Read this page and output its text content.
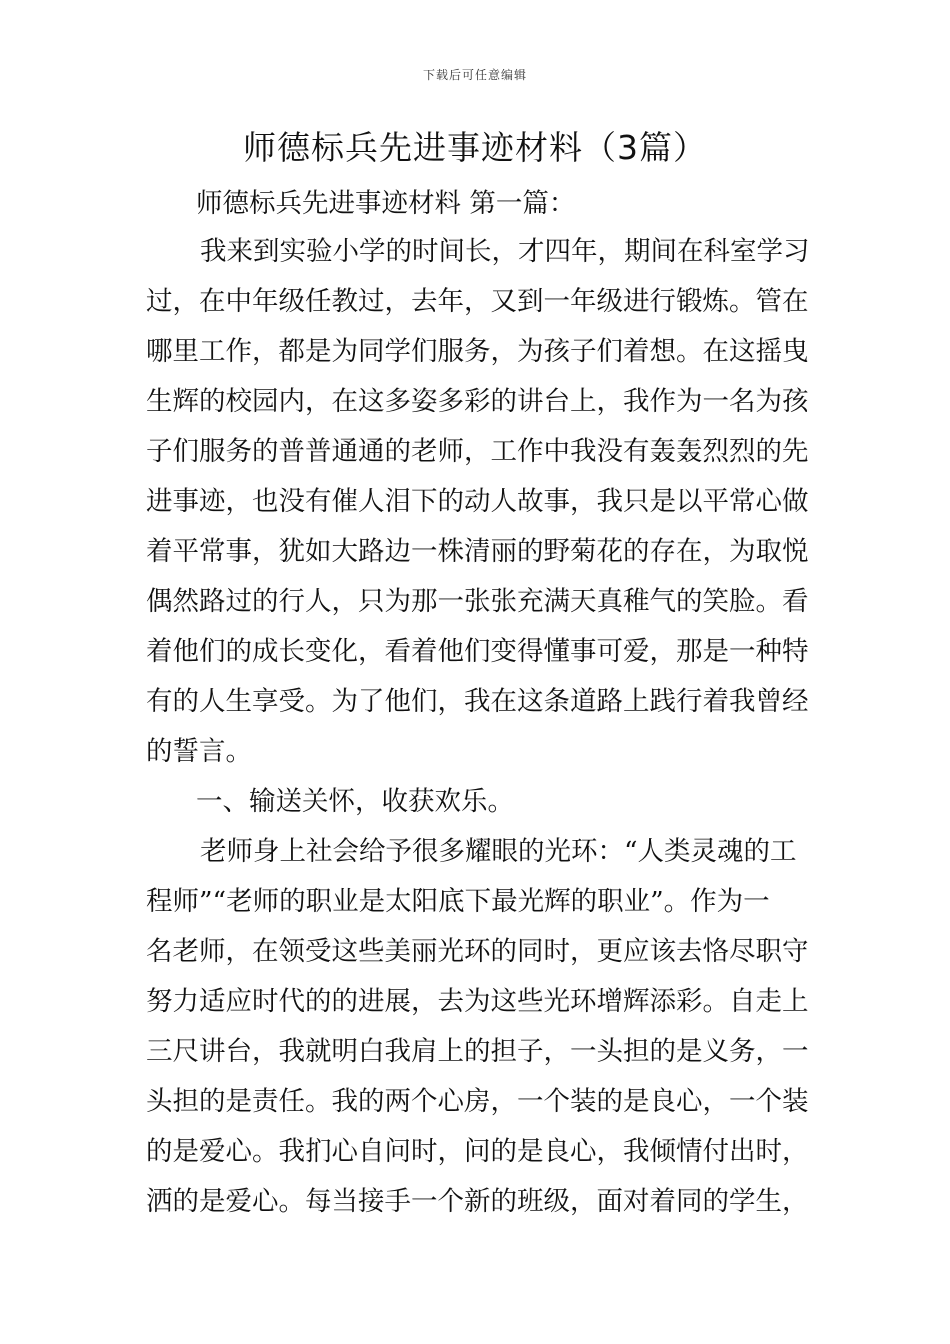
下载后可任意编辑
师德标兵先进事迹材料（3篇）
师德标兵先进事迹材料 第一篇：
我来到实验小学的时间长，才四年，期间在科室学习
过，在中年级任教过，去年，又到一年级进行锻炼。管在
哪里工作，都是为同学们服务，为孩子们着想。在这摇曳
生辉的校园内，在这多姿多彩的讲台上，我作为一名为孩
子们服务的普普通通的老师，工作中我没有轰轰烈烈的先
进事迹，也没有催人泪下的动人故事，我只是以平常心做
着平常事，犹如大路边一株清丽的野菊花的存在，为取悦
偶然路过的行人，只为那一张张充满天真稚气的笑脸。看
着他们的成长变化，看着他们变得懂事可爱，那是一种特
有的人生享受。为了他们，我在这条道路上践行着我曾经
的誓言。
一、输送关怀，收获欢乐。
老师身上社会给予很多耀眼的光环：“人类灵魂的工
程师”“老师的职业是太阳底下最光辉的职业”。作为一
名老师，在领受这些美丽光环的同时，更应该去恪尽职守
努力适应时代的的进展，去为这些光环增辉添彩。自走上
三尺讲台，我就明白我肩上的担子，一头担的是义务，一
头担的是责任。我的两个心房，一个装的是良心，一个装
的是爱心。我扪心自问时，问的是良心，我倾情付出时，
洒的是爱心。每当接手一个新的班级，面对着同的学生，
